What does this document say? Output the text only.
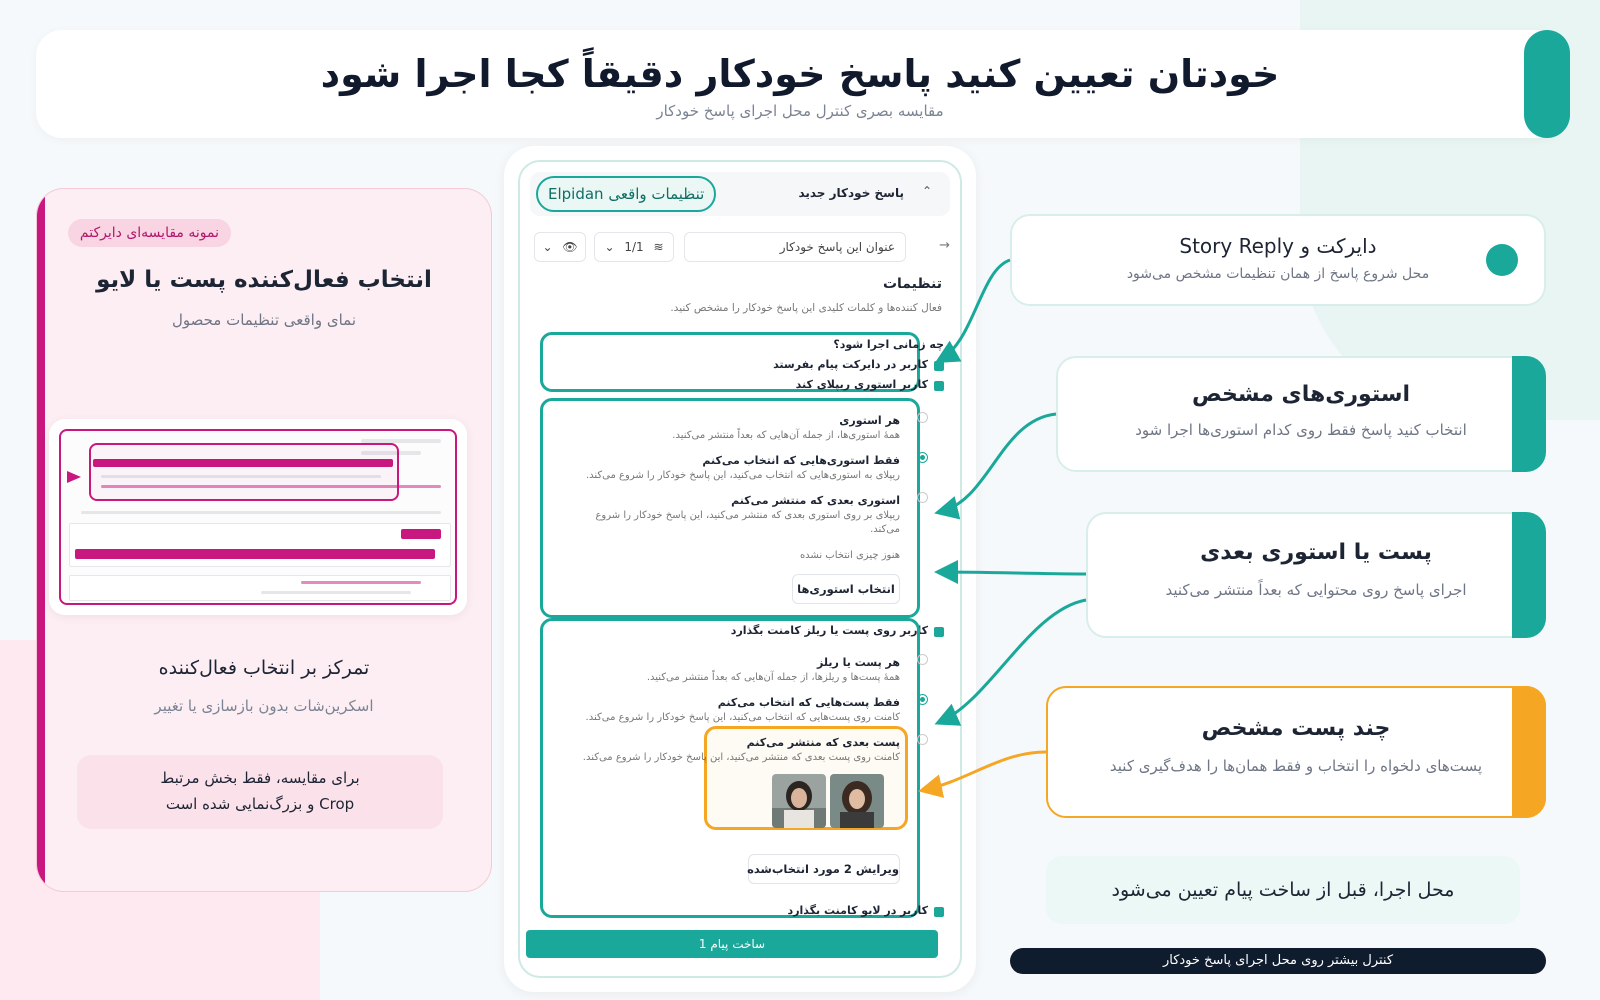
خودتان تعیین کنید پاسخ خودکار دقیقاً کجا اجرا شود
مقایسه بصری کنترل محل اجرای پاسخ خودکار
نمونه مقایسه‌ای دایرکتم
انتخاب فعال‌کننده پست یا لایو
نمای واقعی تنظیمات محصول
تمرکز بر انتخاب فعال‌کننده
اسکرین‌شات بدون بازسازی یا تغییر
برای مقایسه، فقط بخش مرتبط
Crop و بزرگ‌نمایی شده است
تنظیمات واقعی Elpidan	پاسخ خودکار جدید ⌃
⌄ 👁	⌄ 1/1 ≋	عنوان این پاسخ خودکار	→
تنظیمات
فعال کننده‌ها و کلمات کلیدی این پاسخ خودکار را مشخص کنید.
چه زمانی اجرا شود؟
کاربر در دایرکت پیام بفرستد
کاربر استوری ریپلای کند
هر استوری
همهٔ استوری‌ها، از جمله آن‌هایی که بعداً منتشر می‌کنید.
فقط استوری‌هایی که انتخاب می‌کنم
ریپلای به استوری‌هایی که انتخاب می‌کنید، این پاسخ خودکار را شروع می‌کند.
استوری بعدی که منتشر می‌کنم
ریپلای بر روی استوری بعدی که منتشر می‌کنید، این پاسخ خودکار را شروع
می‌کند.
هنوز چیزی انتخاب نشده
انتخاب استوری‌ها
کاربر روی پست یا ریلز کامنت بگذارد
هر پست یا ریلز
همهٔ پست‌ها و ریلزها، از جمله آن‌هایی که بعداً منتشر می‌کنید.
فقط پست‌هایی که انتخاب می‌کنم
کامنت روی پست‌هایی که انتخاب می‌کنید، این پاسخ خودکار را شروع می‌کند.
پست بعدی که منتشر می‌کنم
کامنت روی پست بعدی که منتشر می‌کنید، این پاسخ خودکار را شروع می‌کند.
ویرایش 2 مورد انتخاب‌شده
کاربر در لایو کامنت بگذارد
ساخت پیام 1
دایرکت و Story Reply
محل شروع پاسخ از همان تنظیمات مشخص می‌شود
استوری‌های مشخص
انتخاب کنید پاسخ فقط روی کدام استوری‌ها اجرا شود
پست یا استوری بعدی
اجرای پاسخ روی محتوایی که بعداً منتشر می‌کنید
چند پست مشخص
پست‌های دلخواه را انتخاب و فقط همان‌ها را هدف‌گیری کنید
محل اجرا، قبل از ساخت پیام تعیین می‌شود
کنترل بیشتر روی محل اجرای پاسخ خودکار
